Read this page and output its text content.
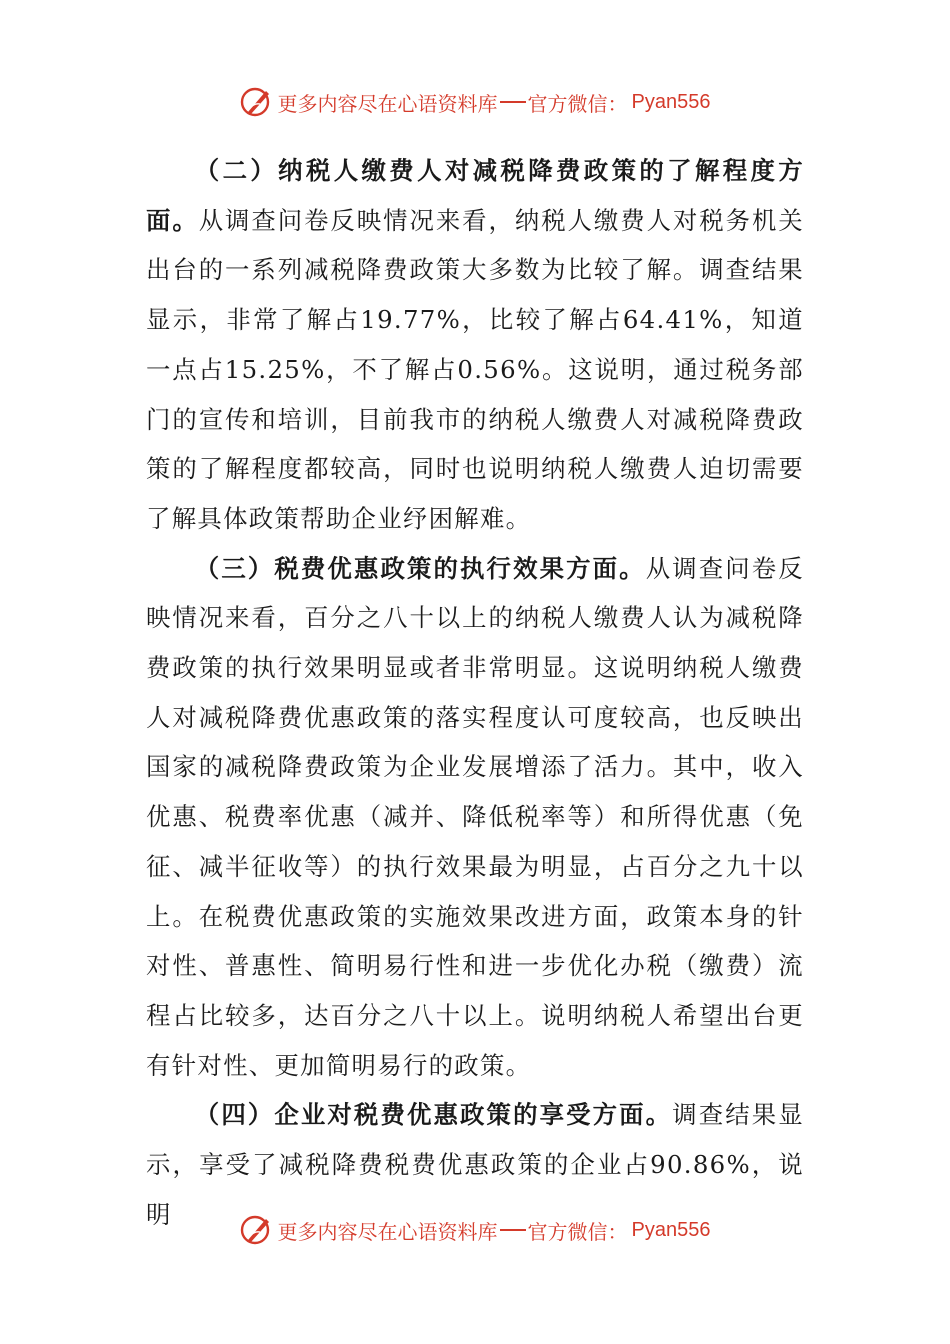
更多内容尽在心语资料库 官方微信： Pyan556

（二）纳税人缴费人对减税降费政策的了解程度方面。从调查问卷反映情况来看，纳税人缴费人对税务机关出台的一系列减税降费政策大多数为比较了解。调查结果显示，非常了解占19.77%，比较了解占64.41%，知道一点占15.25%，不了解占0.56%。这说明，通过税务部门的宣传和培训，目前我市的纳税人缴费人对减税降费政策的了解程度都较高，同时也说明纳税人缴费人迫切需要了解具体政策帮助企业纾困解难。

（三）税费优惠政策的执行效果方面。从调查问卷反映情况来看，百分之八十以上的纳税人缴费人认为减税降费政策的执行效果明显或者非常明显。这说明纳税人缴费人对减税降费优惠政策的落实程度认可度较高，也反映出国家的减税降费政策为企业发展增添了活力。其中，收入优惠、税费率优惠（减并、降低税率等）和所得优惠（免征、减半征收等）的执行效果最为明显，占百分之九十以上。在税费优惠政策的实施效果改进方面，政策本身的针对性、普惠性、简明易行性和进一步优化办税（缴费）流程占比较多，达百分之八十以上。说明纳税人希望出台更有针对性、更加简明易行的政策。

（四）企业对税费优惠政策的享受方面。调查结果显示，享受了减税降费税费优惠政策的企业占90.86%，说明

更多内容尽在心语资料库 官方微信： Pyan556
